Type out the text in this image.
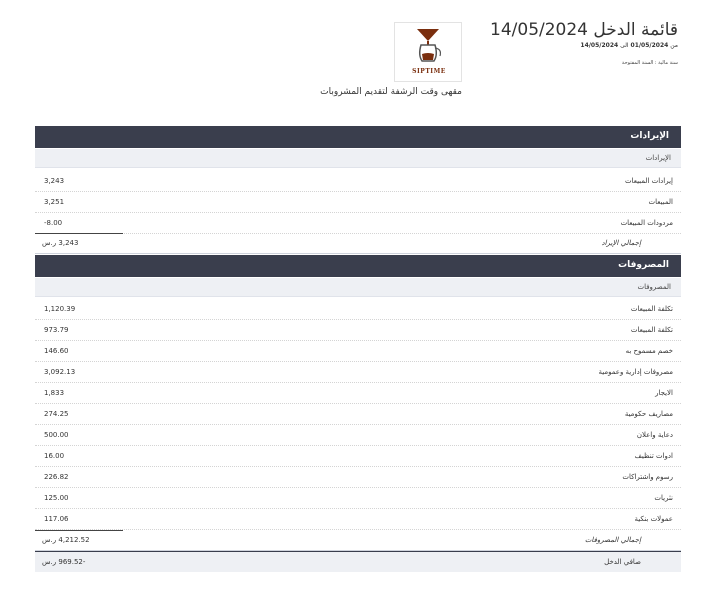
قائمة الدخل 14/05/2024
من 01/05/2024 الى 14/05/2024
سنة مالية : السنة المفتوحة
SIPTIME
مقهى وقت الرشفة لتقديم المشروبات
الإيرادات
الإيرادات
إيرادات المبيعات
3,243
المبيعات
3,251
مردودات المبيعات
-8.00
إجمالي الإيراد
3,243 ر.س
المصروفات
المصروفات
تكلفة المبيعات
1,120.39
تكلفة المبيعات
973.79
خصم مسموح به
146.60
مصروفات إدارية وعمومية
3,092.13
الايجار
1,833
مصاريف حكومية
274.25
دعاية واعلان
500.00
ادوات تنظيف
16.00
رسوم واشتراكات
226.82
نثريات
125.00
عمولات بنكية
117.06
إجمالي المصروفات
4,212.52 ر.س
صافي الدخل
-969.52 ر.س
